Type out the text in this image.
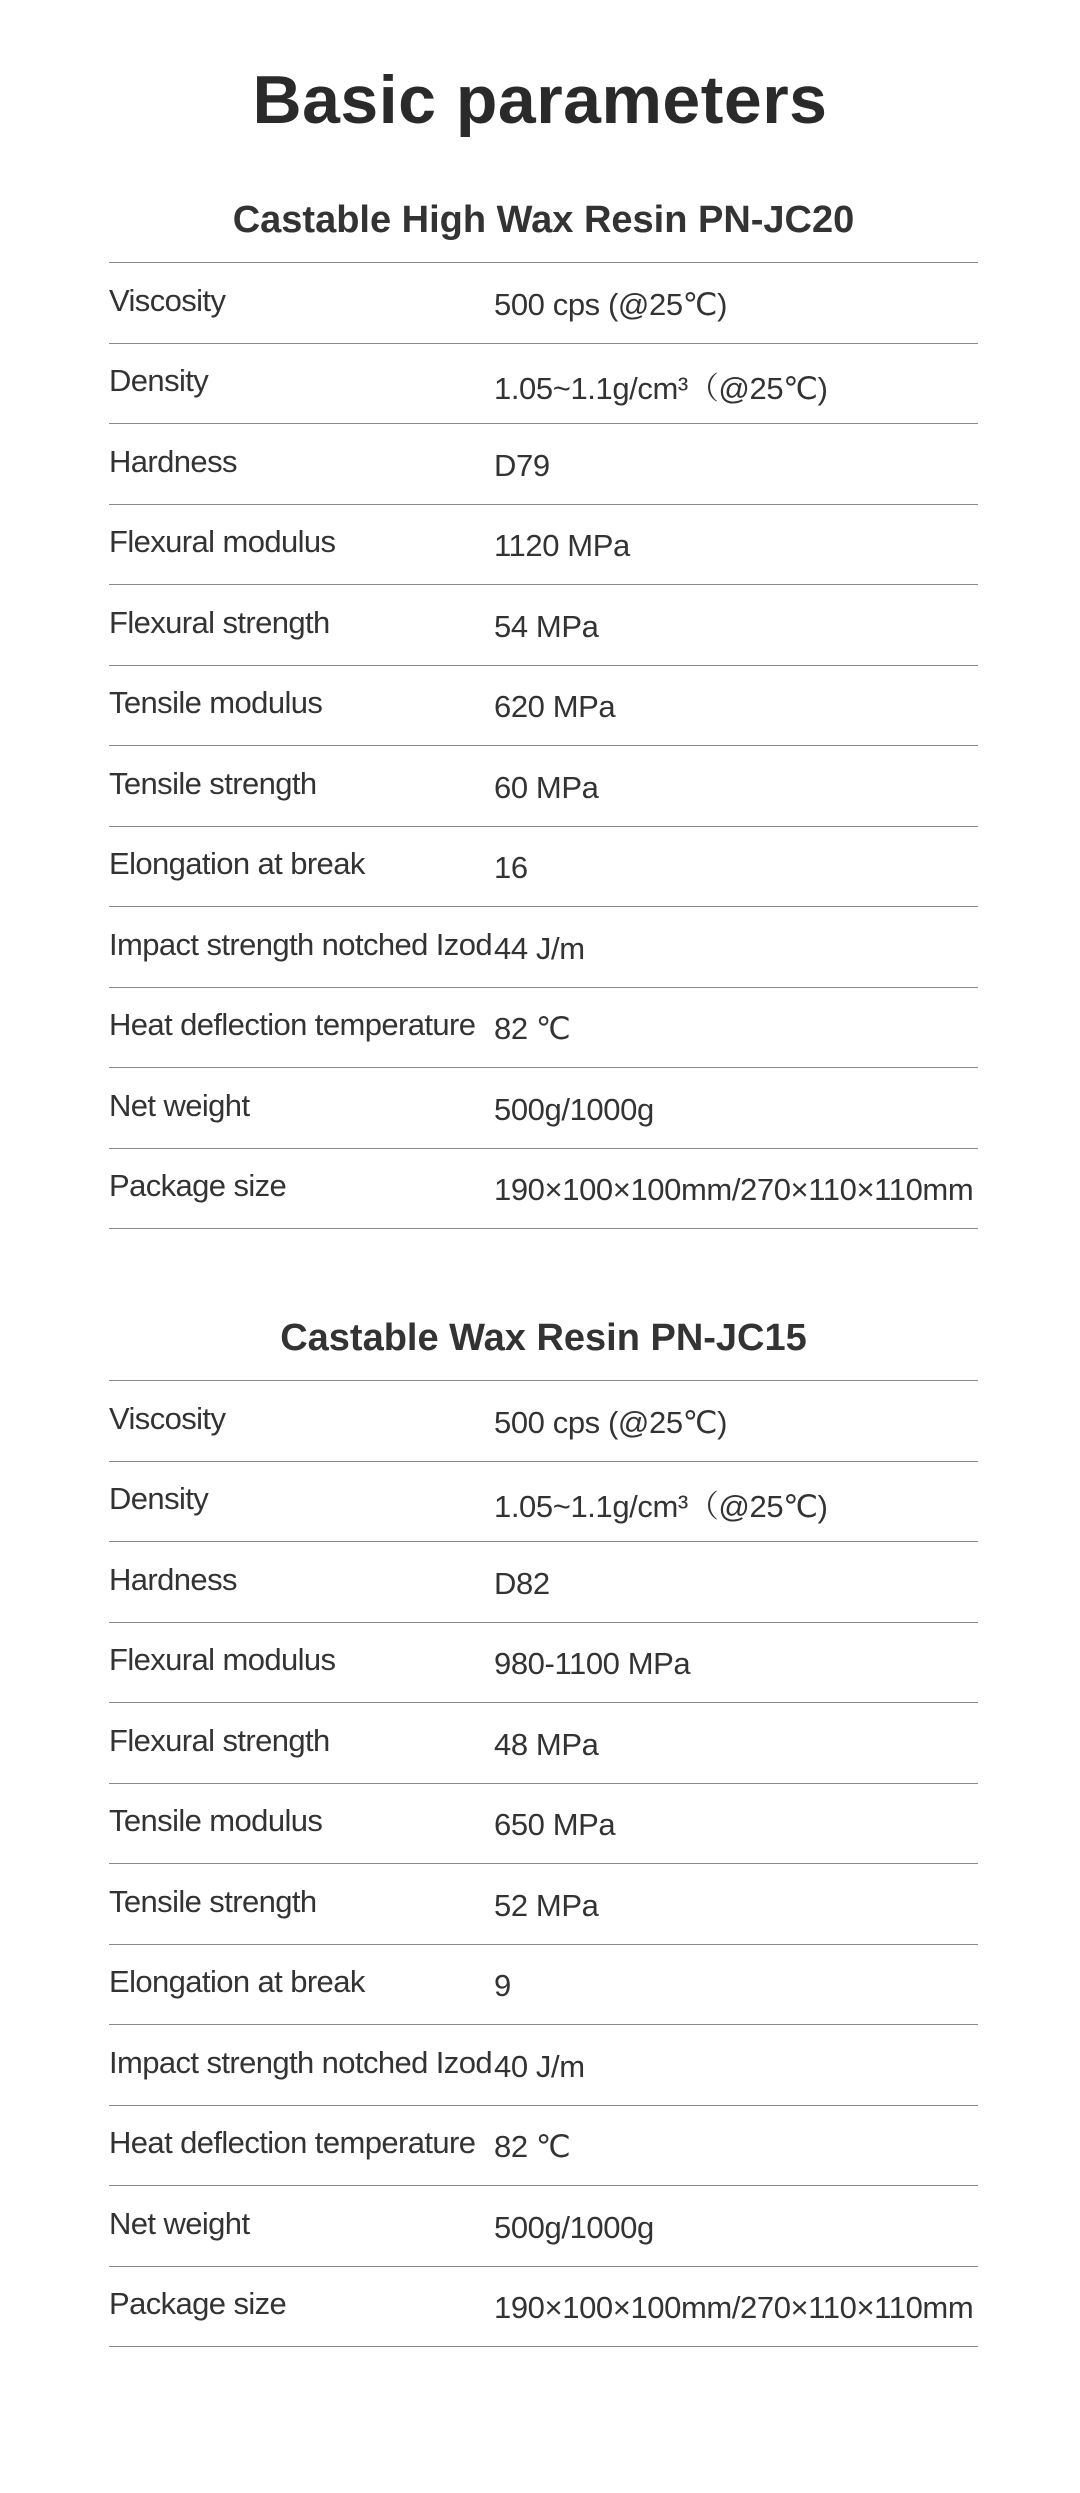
Basic parameters
Castable High Wax Resin PN-JC20
Viscosity	500 cps (@25℃)
Density	1.05~1.1g/cm³（@25℃)
Hardness	D79
Flexural modulus	1120 MPa
Flexural strength	54 MPa
Tensile modulus	620 MPa
Tensile strength	60 MPa
Elongation at break	16
Impact strength notched Izod 44 J/m
Heat deflection temperature 82 ℃
Net weight	500g/1000g
Package size	190×100×100mm/270×110×110mm
Castable Wax Resin PN-JC15
Viscosity	500 cps (@25℃)
Density	1.05~1.1g/cm³（@25℃)
Hardness	D82
Flexural modulus	980-1100 MPa
Flexural strength	48 MPa
Tensile modulus	650 MPa
Tensile strength	52 MPa
Elongation at break	9
Impact strength notched Izod 40 J/m
Heat deflection temperature 82 ℃
Net weight	500g/1000g
Package size	190×100×100mm/270×110×110mm
